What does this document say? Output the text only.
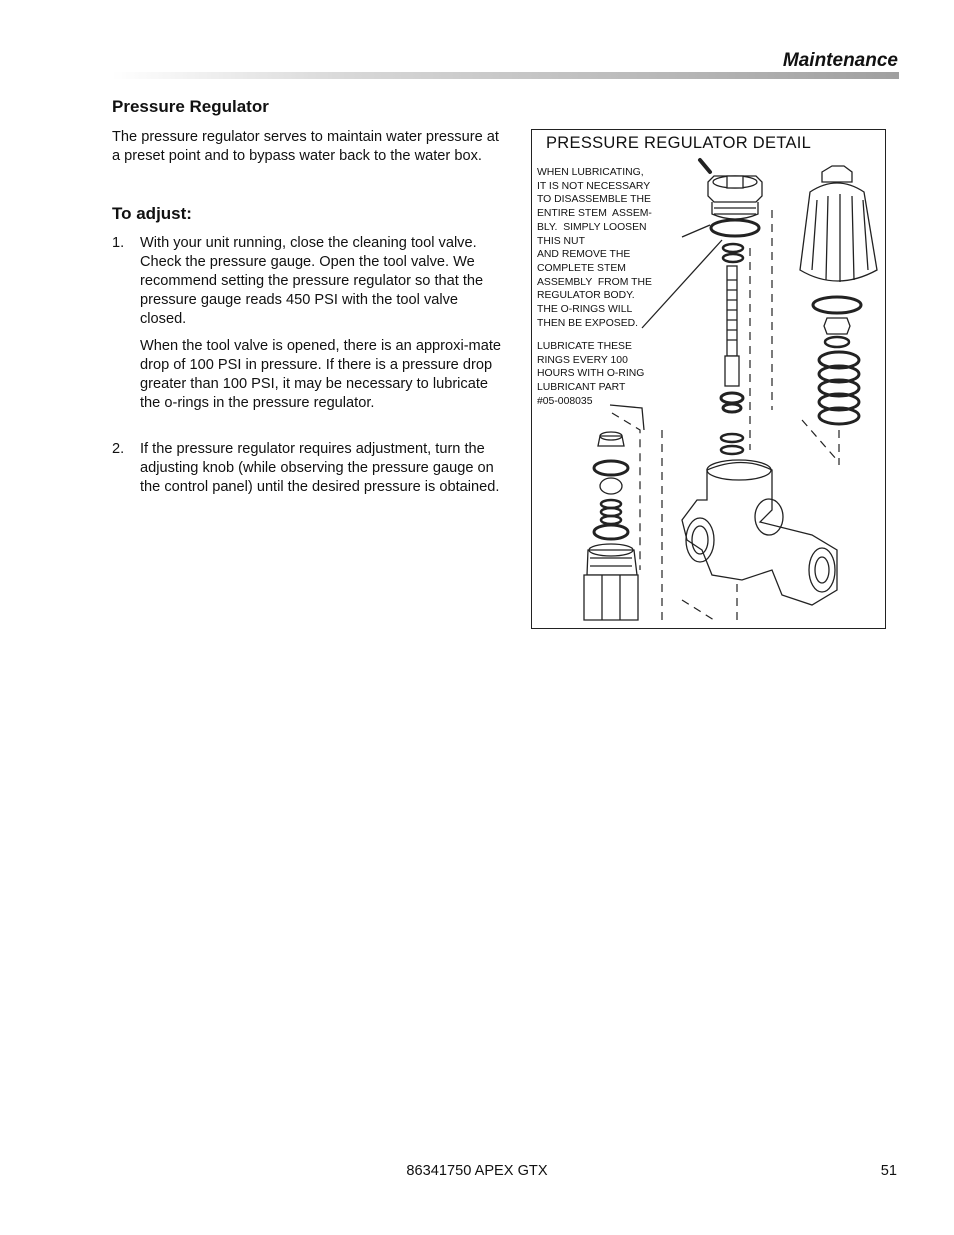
Maintenance
Pressure Regulator

The pressure regulator serves to maintain water pressure at a preset point and to bypass water back to the water box.

To adjust:
1. With your unit running, close the cleaning tool valve. Check the pressure gauge. Open the tool valve. We recommend setting the pressure regulator so that the pressure gauge reads 450 PSI with the tool valve closed.

When the tool valve is opened, there is an approxi-mate drop of 100 PSI in pressure. If there is a pressure drop greater than 100 PSI, it may be necessary to lubricate the o-rings in the pressure regulator.

2. If the pressure regulator requires adjustment, turn the adjusting knob (while observing the pressure gauge on the control panel) until the desired pressure is obtained.
PRESSURE REGULATOR DETAIL
WHEN LUBRICATING,
IT IS NOT NECESSARY
TO DISASSEMBLE THE
ENTIRE STEM  ASSEM-
BLY.  SIMPLY LOOSEN
THIS NUT
AND REMOVE THE
COMPLETE STEM
ASSEMBLY  FROM THE
REGULATOR BODY.
THE O-RINGS WILL
THEN BE EXPOSED.
LUBRICATE THESE
RINGS EVERY 100
HOURS WITH O-RING
LUBRICANT PART
#05-008035
86341750 APEX GTX	51
